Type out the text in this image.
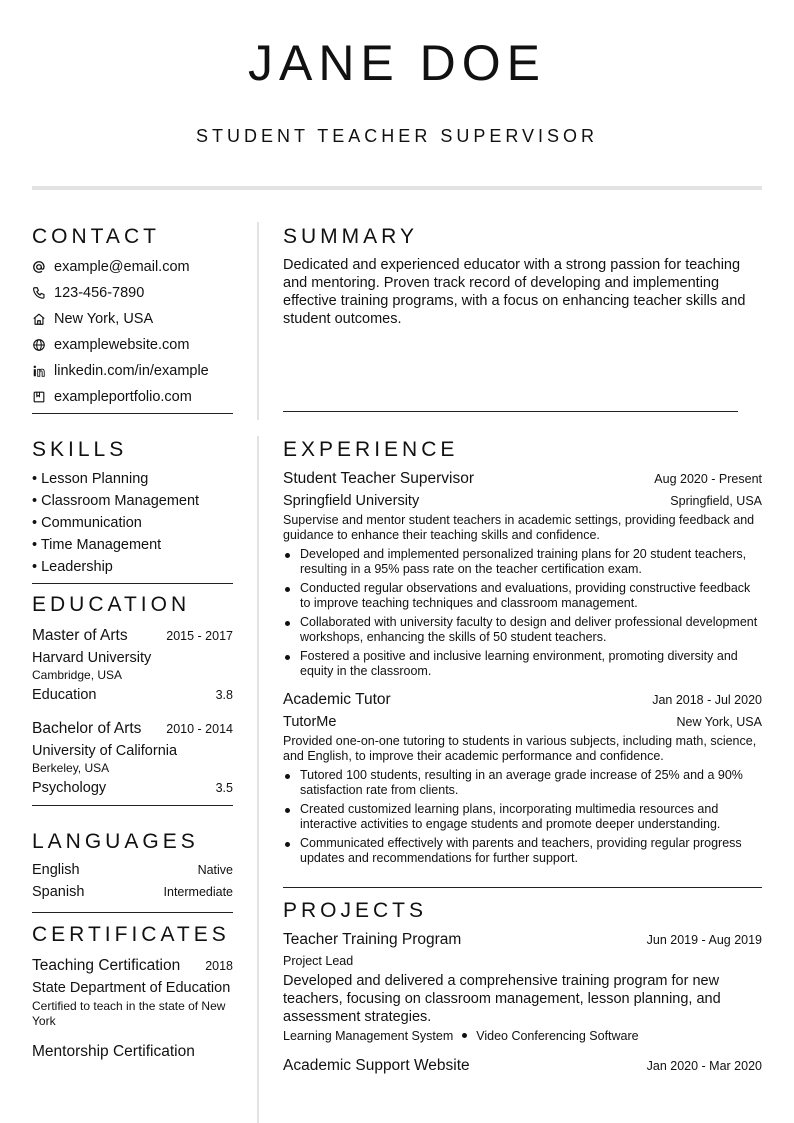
JANE DOE
STUDENT TEACHER SUPERVISOR
CONTACT
example@email.com
123-456-7890
New York, USA
examplewebsite.com
linkedin.com/in/example
exampleportfolio.com
SKILLS
• Lesson Planning
• Classroom Management
• Communication
• Time Management
• Leadership
EDUCATION
Master of Arts	2015 - 2017
Harvard University
Cambridge, USA
Education	3.8
Bachelor of Arts 2010 - 2014
University of California
Berkeley, USA
Psychology	3.5
LANGUAGES
English	Native
Spanish	Intermediate
CERTIFICATES
Teaching Certification 2018
State Department of Education
Certified to teach in the state of New York
Mentorship Certification
SUMMARY
Dedicated and experienced educator with a strong passion for teaching and mentoring. Proven track record of developing and implementing effective training programs, with a focus on enhancing teacher skills and student outcomes.
EXPERIENCE
Student Teacher Supervisor	Aug 2020 - Present
Springfield University	Springfield, USA
Supervise and mentor student teachers in academic settings, providing feedback and guidance to enhance their teaching skills and confidence.
Developed and implemented personalized training plans for 20 student teachers, resulting in a 95% pass rate on the teacher certification exam.
Conducted regular observations and evaluations, providing constructive feedback to improve teaching techniques and classroom management.
Collaborated with university faculty to design and deliver professional development workshops, enhancing the skills of 50 student teachers.
Fostered a positive and inclusive learning environment, promoting diversity and equity in the classroom.
Academic Tutor	Jan 2018 - Jul 2020
TutorMe	New York, USA
Provided one-on-one tutoring to students in various subjects, including math, science, and English, to improve their academic performance and confidence.
Tutored 100 students, resulting in an average grade increase of 25% and a 90% satisfaction rate from clients.
Created customized learning plans, incorporating multimedia resources and interactive activities to engage students and promote deeper understanding.
Communicated effectively with parents and teachers, providing regular progress updates and recommendations for further support.
PROJECTS
Teacher Training Program	Jun 2019 - Aug 2019
Project Lead
Developed and delivered a comprehensive training program for new teachers, focusing on classroom management, lesson planning, and assessment strategies.
Learning Management System Video Conferencing Software
Academic Support Website	Jan 2020 - Mar 2020
